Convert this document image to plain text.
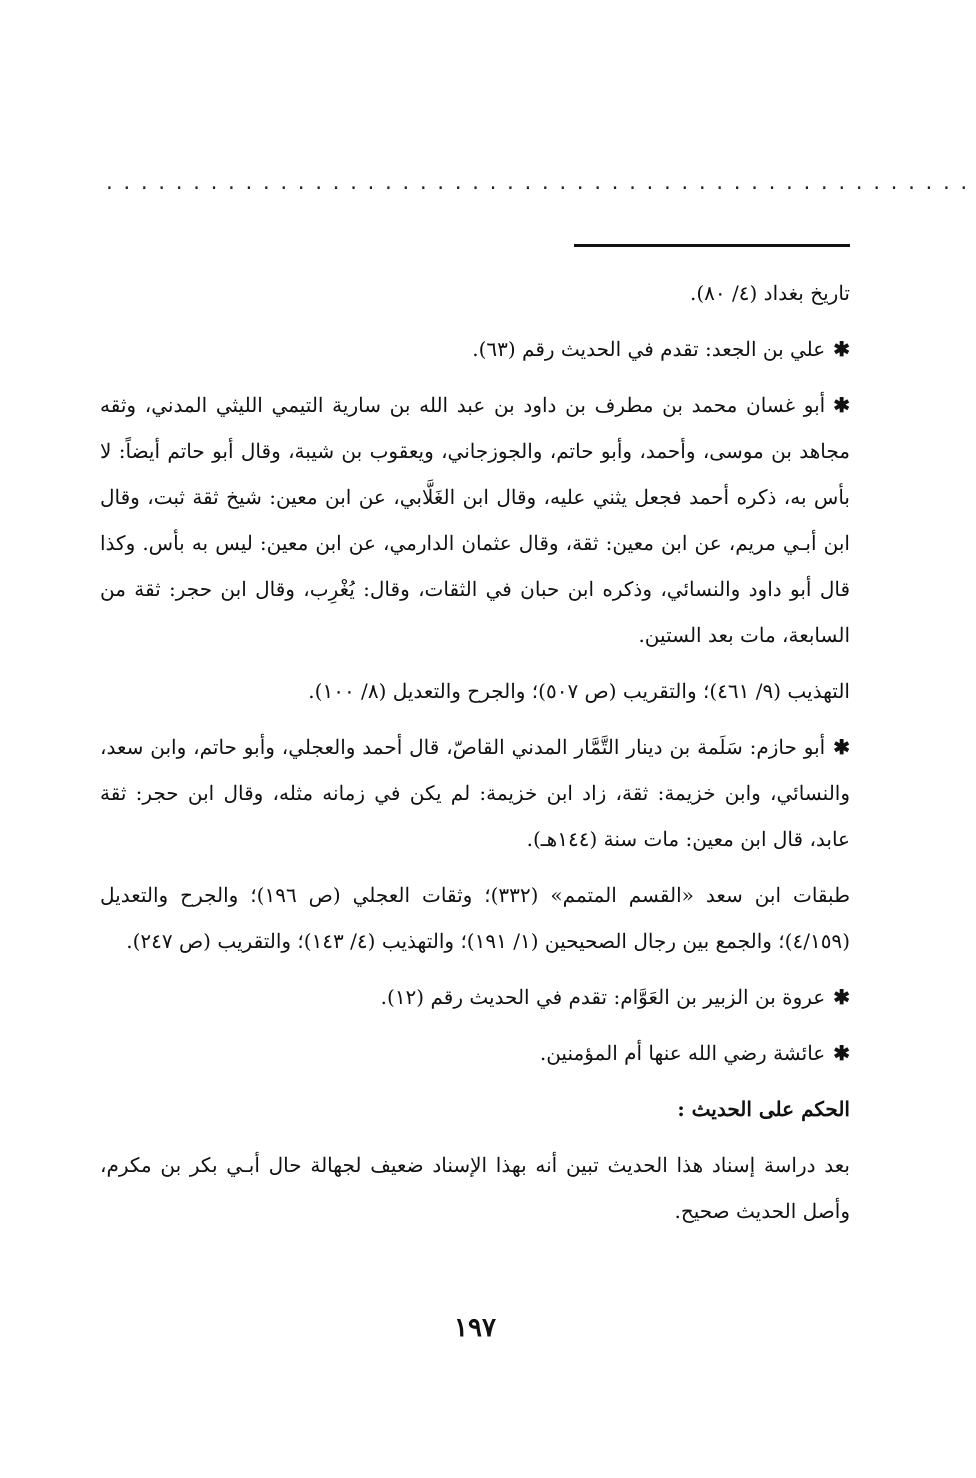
..................................................

تاريخ بغداد (٤/ ٨٠).

✱علي بن الجعد: تقدم في الحديث رقم (٦٣).

✱أبو غسان محمد بن مطرف بن داود بن عبد الله بن سارية التيمي الليثي المدني، وثقه مجاهد بن موسى، وأحمد، وأبو حاتم، والجوزجاني، ويعقوب بن شيبة، وقال أبو حاتم أيضاً: لا بأس به، ذكره أحمد فجعل يثني عليه، وقال ابن الغَلَّابي، عن ابن معين: شيخ ثقة ثبت، وقال ابن أبـي مريم، عن ابن معين: ثقة، وقال عثمان الدارمي، عن ابن معين: ليس به بأس. وكذا قال أبو داود والنسائي، وذكره ابن حبان في الثقات، وقال: يُغْرِب، وقال ابن حجر: ثقة من السابعة، مات بعد الستين.

التهذيب (٩/ ٤٦١)؛ والتقريب (ص ٥٠٧)؛ والجرح والتعديل (٨/ ١٠٠).

✱أبو حازم: سَلَمة بن دينار التَّمَّار المدني القاصّ، قال أحمد والعجلي، وأبو حاتم، وابن سعد، والنسائي، وابن خزيمة: ثقة، زاد ابن خزيمة: لم يكن في زمانه مثله، وقال ابن حجر: ثقة عابد، قال ابن معين: مات سنة (١٤٤هـ).

طبقات ابن سعد «القسم المتمم» (٣٣٢)؛ وثقات العجلي (ص ١٩٦)؛ والجرح والتعديل (٤/١٥٩)؛ والجمع بين رجال الصحيحين (١/ ١٩١)؛ والتهذيب (٤/ ١٤٣)؛ والتقريب (ص ٢٤٧).

✱عروة بن الزبير بن العَوَّام: تقدم في الحديث رقم (١٢).

✱عائشة رضي الله عنها أم المؤمنين.

الحكم على الحديث :

بعد دراسة إسناد هذا الحديث تبين أنه بهذا الإسناد ضعيف لجهالة حال أبـي بكر بن مكرم، وأصل الحديث صحيح.

١٩٧
